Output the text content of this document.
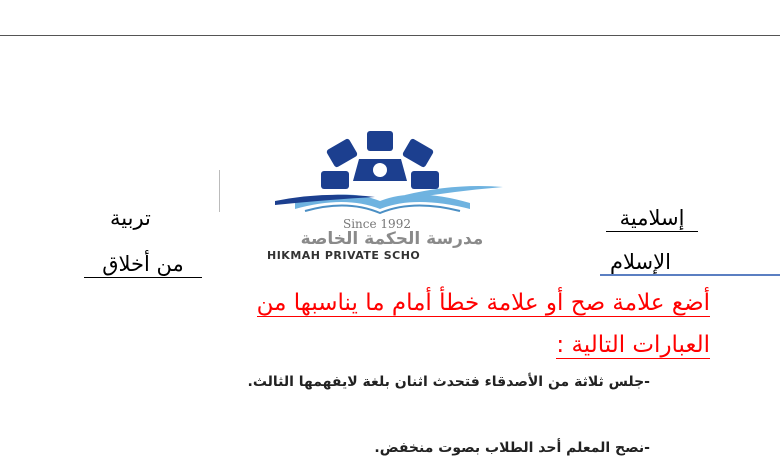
Since 1992
مدرسة الحكمة الخاصة
HIKMAH PRIVATE SCHO
تربية
من أخلاق
إسلامية
الإسلام
أضع علامة صح أو علامة خطأ أمام ما يناسبها من
العبارات التالية :
-جلس ثلاثة من الأصدقاء فتحدث اثنان بلغة لايفهمها الثالث.
-نصح المعلم أحد الطلاب بصوت منخفض.
